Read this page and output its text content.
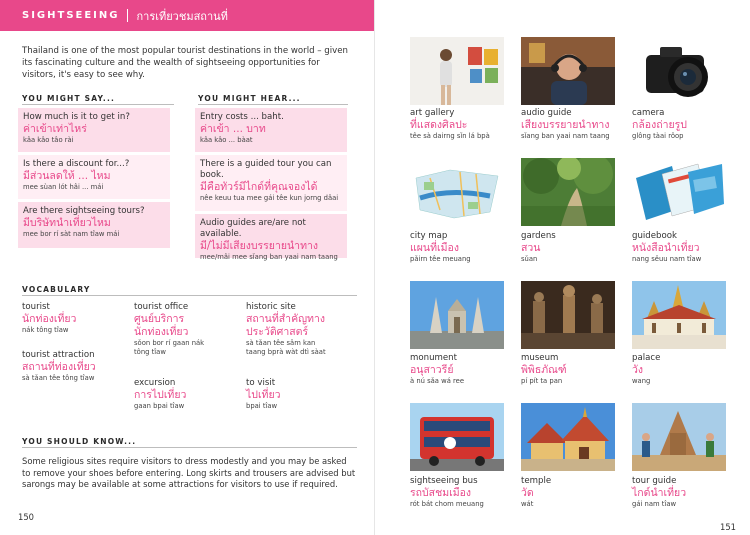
SIGHTSEEING การเที่ยวชมสถานที่
Thailand is one of the most popular tourist destinations in the world – given its fascinating culture and the wealth of sightseeing opportunities for visitors, it's easy to see why.
YOU MIGHT SAY...
How much is it to get in?
ค่าเข้าเท่าไหร่
kâa kâo tâo rài
Is there a discount for...?
มีส่วนลดให้ ... ไหม
mee sùan lót hâi ... mái
Are there sightseeing tours?
มีบริษัทนำเที่ยวไหม
mee bor rí sàt nam tîaw mái
YOU MIGHT HEAR...
Entry costs ... baht.
ค่าเข้า ... บาท
kâa kâo ... bàat
There is a guided tour you can book.
มีคือทัวร์มีไกด์ที่คุณจองได้
nêe keuu tua mee gái têe kun jorng dâai
Audio guides are/are not available.
มี/ไม่มีเสียงบรรยายนำทาง
mee/mâi mee sǐang ban yaai nam taang
VOCABULARY
tourist
นักท่องเที่ยว
nák tông tîaw
tourist attraction
สถานที่ท่องเที่ยว
sà tǎan têe tông tîaw
tourist office
ศูนย์บริการ
นักท่องเที่ยว
sǒon bor rí gaan nák
tông tîaw
excursion
การไปเที่ยว
gaan bpai tîaw
historic site
สถานที่สำคัญทาง
ประวัติศาสตร์
sà tǎan têe sǎm kan
taang bprà wàt dtì sàat
to visit
ไปเที่ยว
bpai tîaw
YOU SHOULD KNOW...
Some religious sites require visitors to dress modestly and you may be asked to remove your shoes before entering. Long skirts and trousers are advised but sarongs may be available at some attractions for visitors to use if required.
150
art gallery
ที่แสดงศิลปะ
têe sà dairng sǐn lá bpà
audio guide
เสียงบรรยายนำทาง
sǐang ban yaai nam taang
camera
กล้องถ่ายรูป
glông tàai rôop
city map
แผนที่เมือง
pǎirn têe meuang
gardens
สวน
sǔan
guidebook
หนังสือนำเที่ยว
nang sěuu nam tîaw
monument
อนุสาวรีย์
à nú sǎa wá ree
museum
พิพิธภัณฑ์
pí pít ta pan
palace
วัง
wang
sightseeing bus
รถบัสชมเมือง
rót bát chom meuang
temple
วัด
wát
tour guide
ไกด์นำเที่ยว
gái nam tîaw
151
